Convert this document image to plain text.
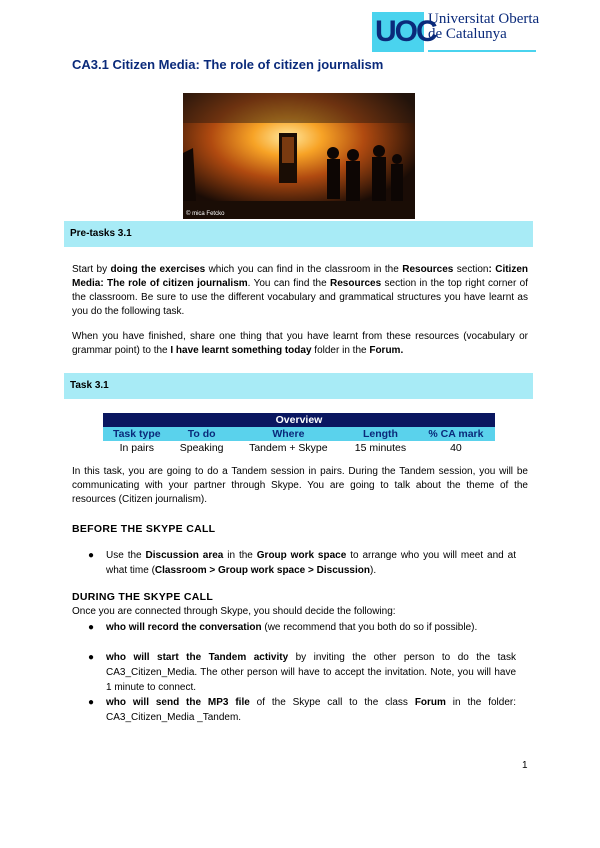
UOC
Universitat Oberta
de Catalunya
CA3.1 Citizen Media: The role of citizen journalism
© mica Fetcko
Pre-tasks 3.1
Start by doing the exercises which you can find in the classroom in the Resources section: Citizen Media: The role of citizen journalism. You can find the Resources section in the top right corner of the classroom. Be sure to use the different vocabulary and grammatical structures you have learnt as you do the following task.
When you have finished, share one thing that you have learnt from these resources (vocabulary or grammar point) to the I have learnt something today folder in the Forum.
Task 3.1
Overview				
Task type	To do	Where	Length	% CA mark
In pairs	Speaking	Tandem + Skype	15 minutes	40
In this task, you are going to do a Tandem session in pairs. During the Tandem session, you will be communicating with your partner through Skype. You are going to talk about the theme of the resources (Citizen journalism).
BEFORE THE SKYPE CALL
● Use the Discussion area in the Group work space to arrange who you will meet and at what time (Classroom > Group work space > Discussion).
DURING THE SKYPE CALL
Once you are connected through Skype, you should decide the following:
● who will record the conversation (we recommend that you both do so if possible).
● who will start the Tandem activity by inviting the other person to do the task CA3_Citizen_Media. The other person will have to accept the invitation. Note, you will have 1 minute to connect.
● who will send the MP3 file of the Skype call to the class Forum in the folder: CA3_Citizen_Media _Tandem.
1
